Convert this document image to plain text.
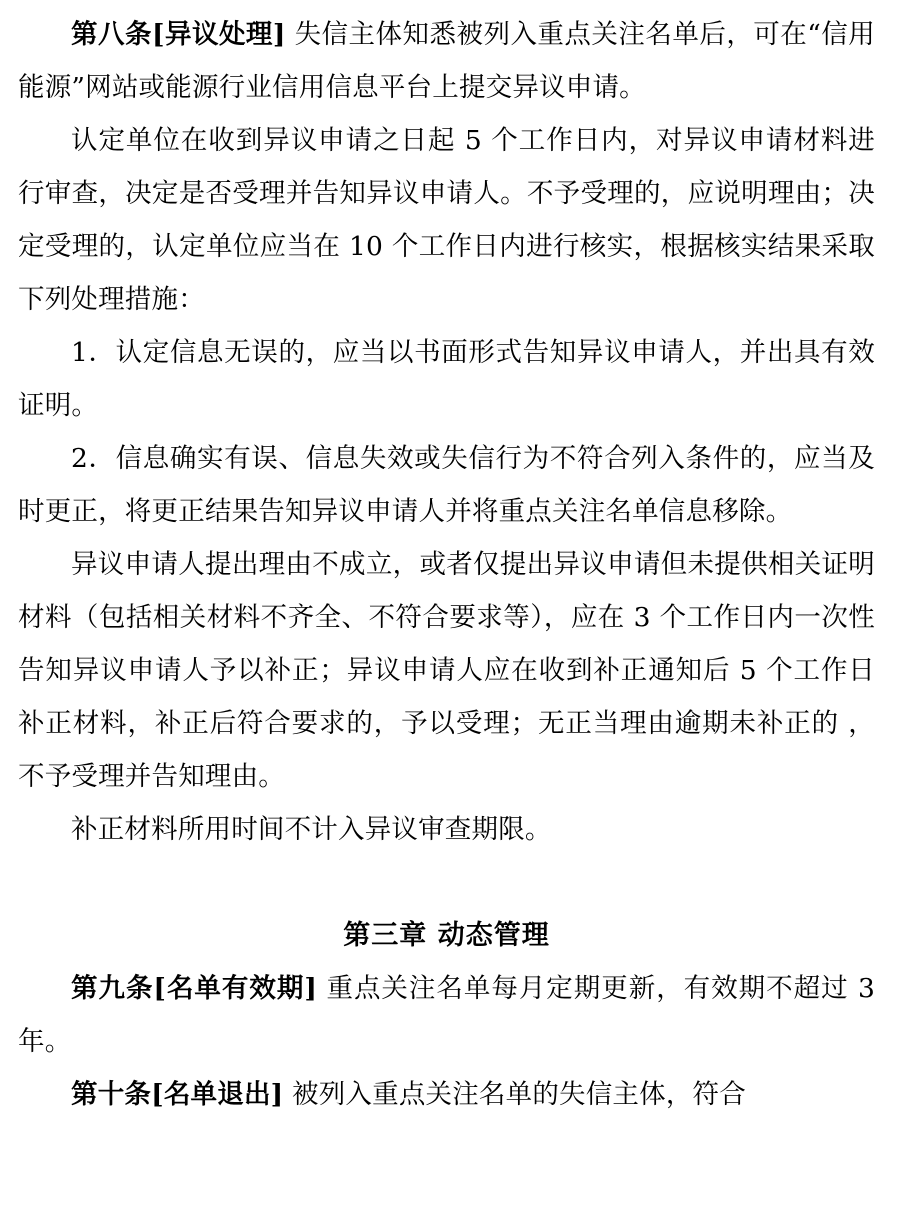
第八条[异议处理] 失信主体知悉被列入重点关注名单后，可在“信用能源”网站或能源行业信用信息平台上提交异议申请。

认定单位在收到异议申请之日起 5 个工作日内，对异议申请材料进行审查，决定是否受理并告知异议申请人。不予受理的，应说明理由；决定受理的，认定单位应当在 10 个工作日内进行核实，根据核实结果采取下列处理措施：

1．认定信息无误的，应当以书面形式告知异议申请人，并出具有效证明。

2．信息确实有误、信息失效或失信行为不符合列入条件的，应当及时更正，将更正结果告知异议申请人并将重点关注名单信息移除。

异议申请人提出理由不成立，或者仅提出异议申请但未提供相关证明材料（包括相关材料不齐全、不符合要求等），应在 3 个工作日内一次性告知异议申请人予以补正；异议申请人应在收到补正通知后 5 个工作日补正材料，补正后符合要求的，予以受理；无正当理由逾期未补正的 ，不予受理并告知理由。

补正材料所用时间不计入异议审查期限。

第三章 动态管理

第九条[名单有效期] 重点关注名单每月定期更新，有效期不超过 3 年。

第十条[名单退出] 被列入重点关注名单的失信主体，符合
